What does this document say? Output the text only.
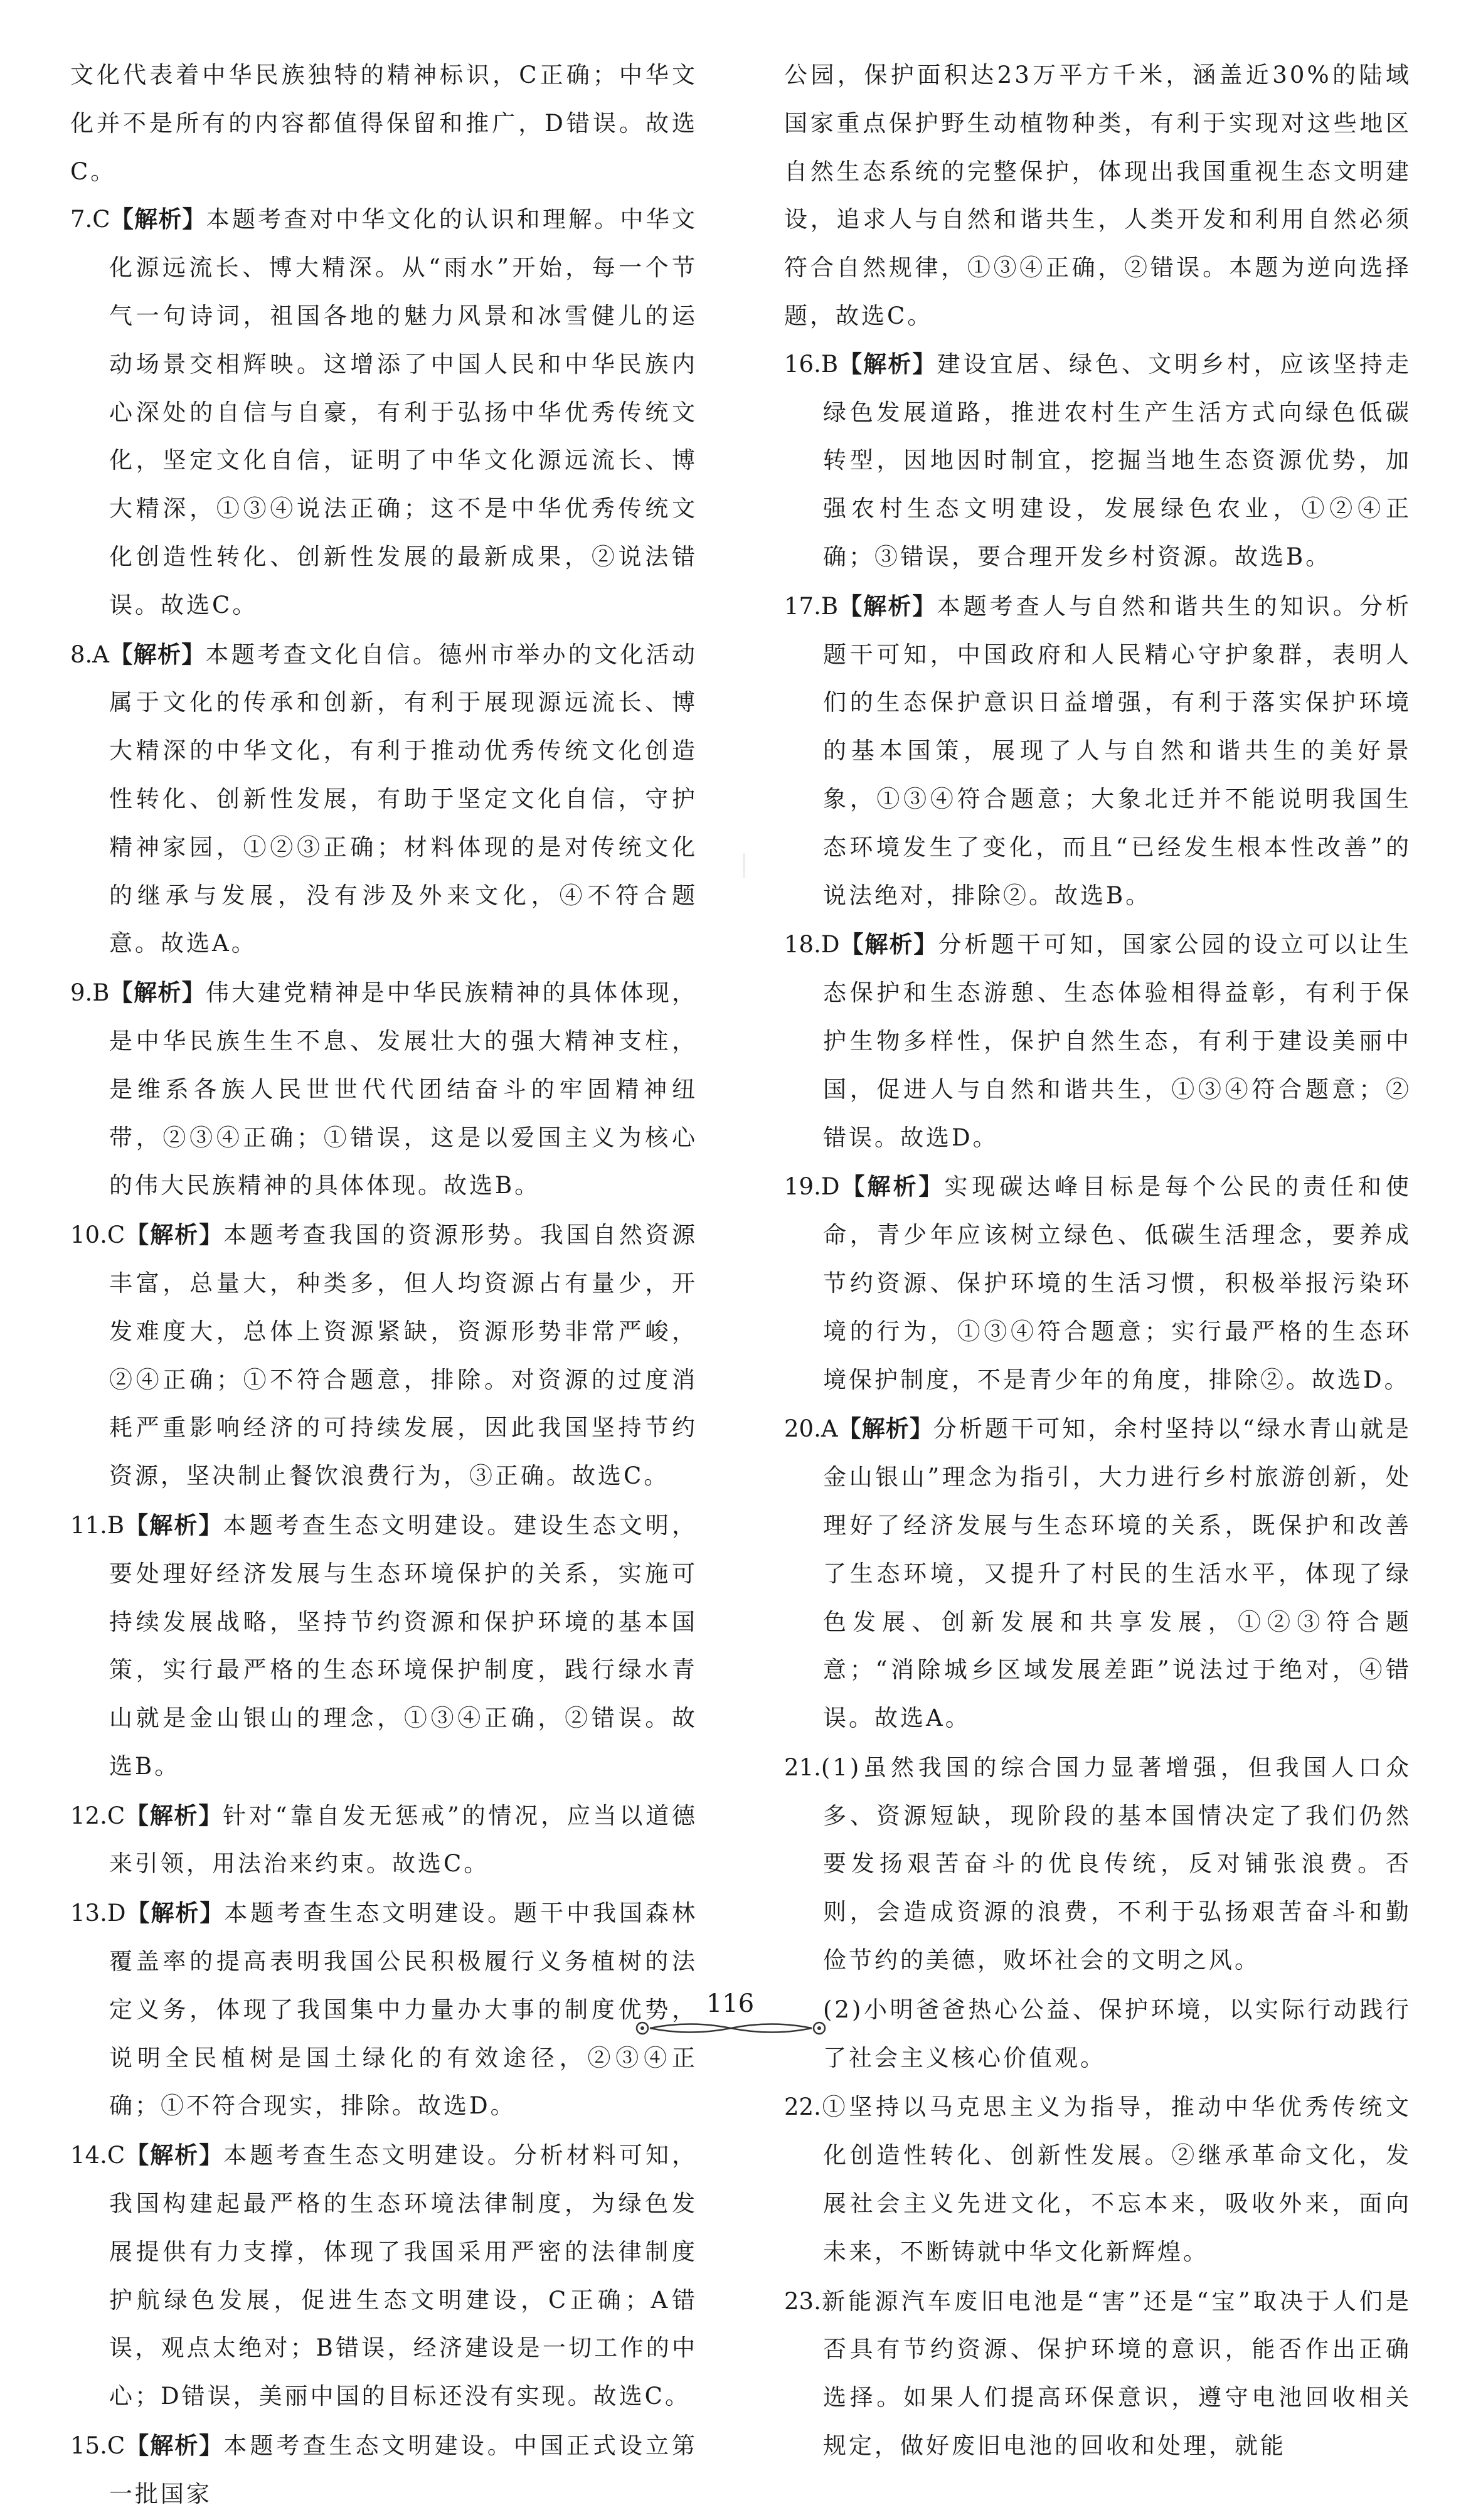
文化代表着中华民族独特的精神标识，C正确；中华文化并不是所有的内容都值得保留和推广，D错误。故选C。

7.C【解析】本题考查对中华文化的认识和理解。中华文化源远流长、博大精深。从“雨水”开始，每一个节气一句诗词，祖国各地的魅力风景和冰雪健儿的运动场景交相辉映。这增添了中国人民和中华民族内心深处的自信与自豪，有利于弘扬中华优秀传统文化，坚定文化自信，证明了中华文化源远流长、博大精深，①③④说法正确；这不是中华优秀传统文化创造性转化、创新性发展的最新成果，②说法错误。故选C。

8.A【解析】本题考查文化自信。德州市举办的文化活动属于文化的传承和创新，有利于展现源远流长、博大精深的中华文化，有利于推动优秀传统文化创造性转化、创新性发展，有助于坚定文化自信，守护精神家园，①②③正确；材料体现的是对传统文化的继承与发展，没有涉及外来文化，④不符合题意。故选A。

9.B【解析】伟大建党精神是中华民族精神的具体体现，是中华民族生生不息、发展壮大的强大精神支柱，是维系各族人民世世代代团结奋斗的牢固精神纽带，②③④正确；①错误，这是以爱国主义为核心的伟大民族精神的具体体现。故选B。

10.C【解析】本题考查我国的资源形势。我国自然资源丰富，总量大，种类多，但人均资源占有量少，开发难度大，总体上资源紧缺，资源形势非常严峻，②④正确；①不符合题意，排除。对资源的过度消耗严重影响经济的可持续发展，因此我国坚持节约资源，坚决制止餐饮浪费行为，③正确。故选C。

11.B【解析】本题考查生态文明建设。建设生态文明，要处理好经济发展与生态环境保护的关系，实施可持续发展战略，坚持节约资源和保护环境的基本国策，实行最严格的生态环境保护制度，践行绿水青山就是金山银山的理念，①③④正确，②错误。故选B。

12.C【解析】针对“靠自发无惩戒”的情况，应当以道德来引领，用法治来约束。故选C。

13.D【解析】本题考查生态文明建设。题干中我国森林覆盖率的提高表明我国公民积极履行义务植树的法定义务，体现了我国集中力量办大事的制度优势，说明全民植树是国土绿化的有效途径，②③④正确；①不符合现实，排除。故选D。

14.C【解析】本题考查生态文明建设。分析材料可知，我国构建起最严格的生态环境法律制度，为绿色发展提供有力支撑，体现了我国采用严密的法律制度护航绿色发展，促进生态文明建设，C正确；A错误，观点太绝对；B错误，经济建设是一切工作的中心；D错误，美丽中国的目标还没有实现。故选C。

15.C【解析】本题考查生态文明建设。中国正式设立第一批国家

公园，保护面积达23万平方千米，涵盖近30%的陆域国家重点保护野生动植物种类，有利于实现对这些地区自然生态系统的完整保护，体现出我国重视生态文明建设，追求人与自然和谐共生，人类开发和利用自然必须符合自然规律，①③④正确，②错误。本题为逆向选择题，故选C。

16.B【解析】建设宜居、绿色、文明乡村，应该坚持走绿色发展道路，推进农村生产生活方式向绿色低碳转型，因地因时制宜，挖掘当地生态资源优势，加强农村生态文明建设，发展绿色农业，①②④正确；③错误，要合理开发乡村资源。故选B。

17.B【解析】本题考查人与自然和谐共生的知识。分析题干可知，中国政府和人民精心守护象群，表明人们的生态保护意识日益增强，有利于落实保护环境的基本国策，展现了人与自然和谐共生的美好景象，①③④符合题意；大象北迁并不能说明我国生态环境发生了变化，而且“已经发生根本性改善”的说法绝对，排除②。故选B。

18.D【解析】分析题干可知，国家公园的设立可以让生态保护和生态游憩、生态体验相得益彰，有利于保护生物多样性，保护自然生态，有利于建设美丽中国，促进人与自然和谐共生，①③④符合题意；②错误。故选D。

19.D【解析】实现碳达峰目标是每个公民的责任和使命，青少年应该树立绿色、低碳生活理念，要养成节约资源、保护环境的生活习惯，积极举报污染环境的行为，①③④符合题意；实行最严格的生态环境保护制度，不是青少年的角度，排除②。故选D。

20.A【解析】分析题干可知，余村坚持以“绿水青山就是金山银山”理念为指引，大力进行乡村旅游创新，处理好了经济发展与生态环境的关系，既保护和改善了生态环境，又提升了村民的生活水平，体现了绿色发展、创新发展和共享发展，①②③符合题意；“消除城乡区域发展差距”说法过于绝对，④错误。故选A。

21.(1)虽然我国的综合国力显著增强，但我国人口众多、资源短缺，现阶段的基本国情决定了我们仍然要发扬艰苦奋斗的优良传统，反对铺张浪费。否则，会造成资源的浪费，不利于弘扬艰苦奋斗和勤俭节约的美德，败坏社会的文明之风。

(2)小明爸爸热心公益、保护环境，以实际行动践行了社会主义核心价值观。

22.①坚持以马克思主义为指导，推动中华优秀传统文化创造性转化、创新性发展。②继承革命文化，发展社会主义先进文化，不忘本来，吸收外来，面向未来，不断铸就中华文化新辉煌。

23.新能源汽车废旧电池是“害”还是“宝”取决于人们是否具有节约资源、保护环境的意识，能否作出正确选择。如果人们提高环保意识，遵守电池回收相关规定，做好废旧电池的回收和处理，就能

116
